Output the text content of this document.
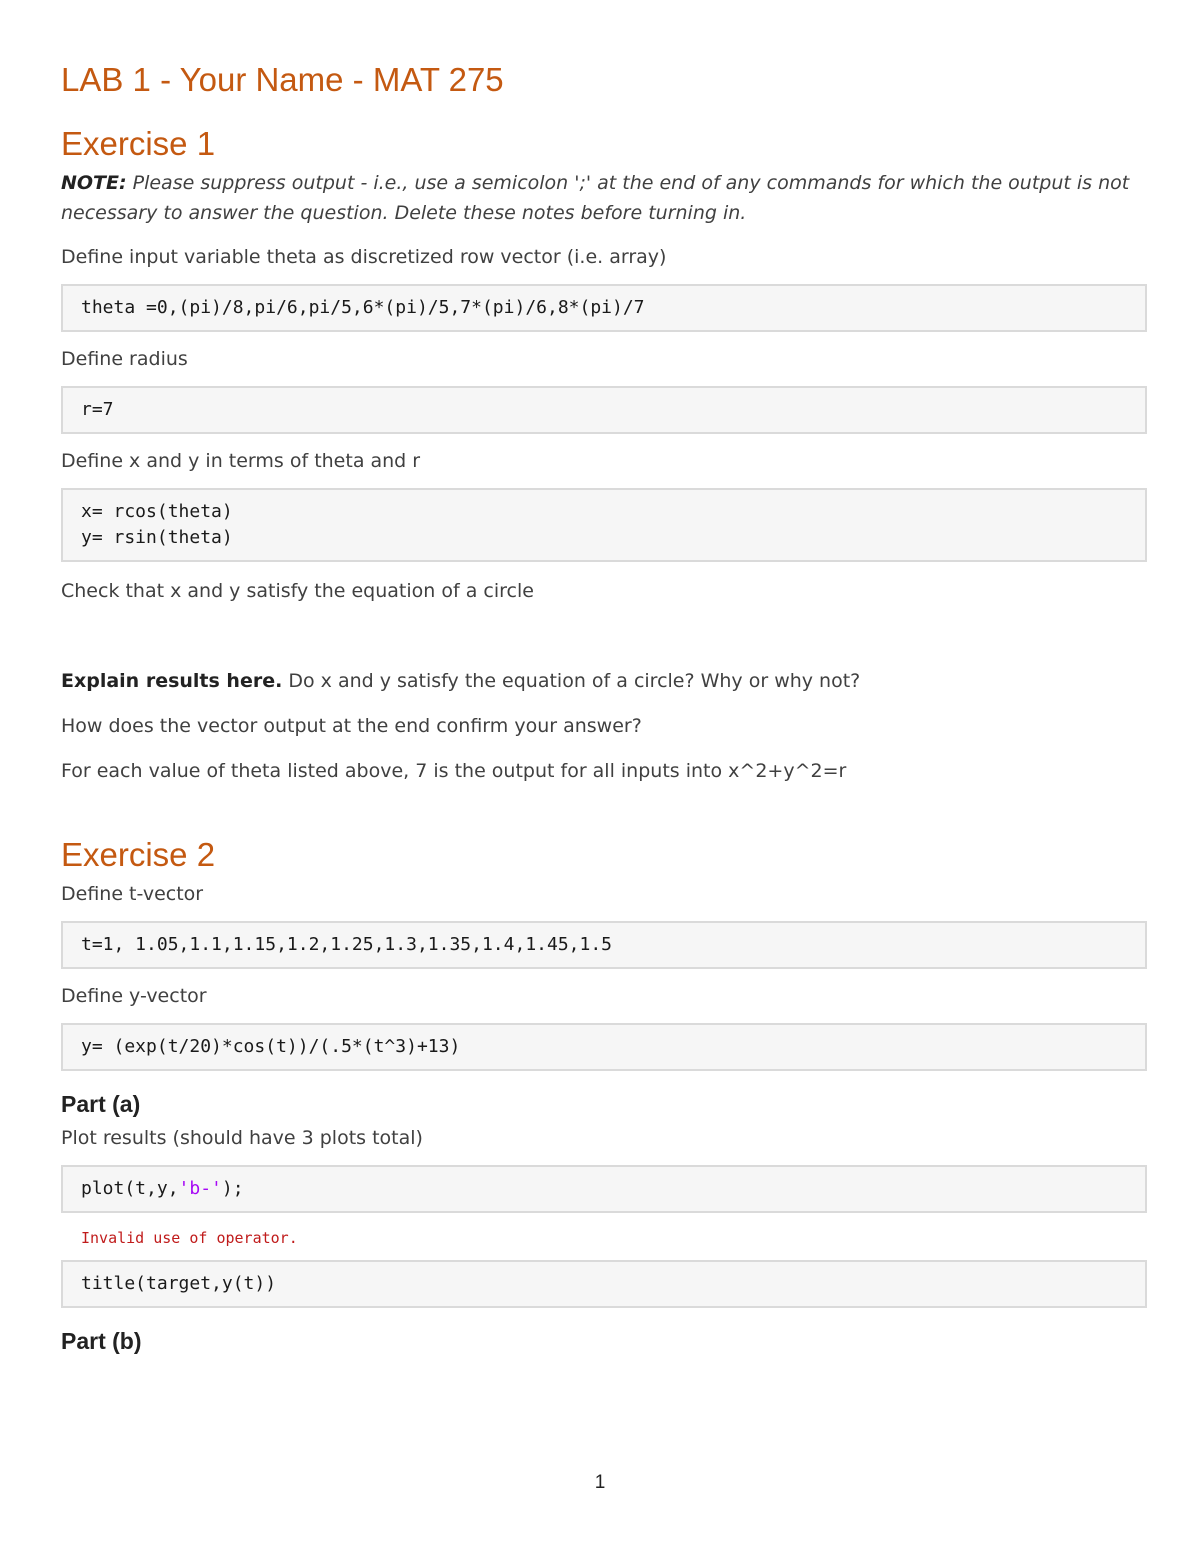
LAB 1 - Your Name - MAT 275
Exercise 1

NOTE: Please suppress output - i.e., use a semicolon ';' at the end of any commands for which the output is not necessary to answer the question. Delete these notes before turning in.

Define input variable theta as discretized row vector (i.e. array)

theta =0,(pi)/8,pi/6,pi/5,6*(pi)/5,7*(pi)/6,8*(pi)/7

Define radius

r=7

Define x and y in terms of theta and r

x= rcos(theta)
y= rsin(theta)

Check that x and y satisfy the equation of a circle

Explain results here. Do x and y satisfy the equation of a circle? Why or why not?

How does the vector output at the end confirm your answer?

For each value of theta listed above, 7 is the output for all inputs into x^2+y^2=r

Exercise 2

Define t-vector

t=1, 1.05,1.1,1.15,1.2,1.25,1.3,1.35,1.4,1.45,1.5

Define y-vector

y= (exp(t/20)*cos(t))/(.5*(t^3)+13)
Part (a)

Plot results (should have 3 plots total)

plot(t,y,'b-');
Invalid use of operator.
title(target,y(t))
Part (b)
1
